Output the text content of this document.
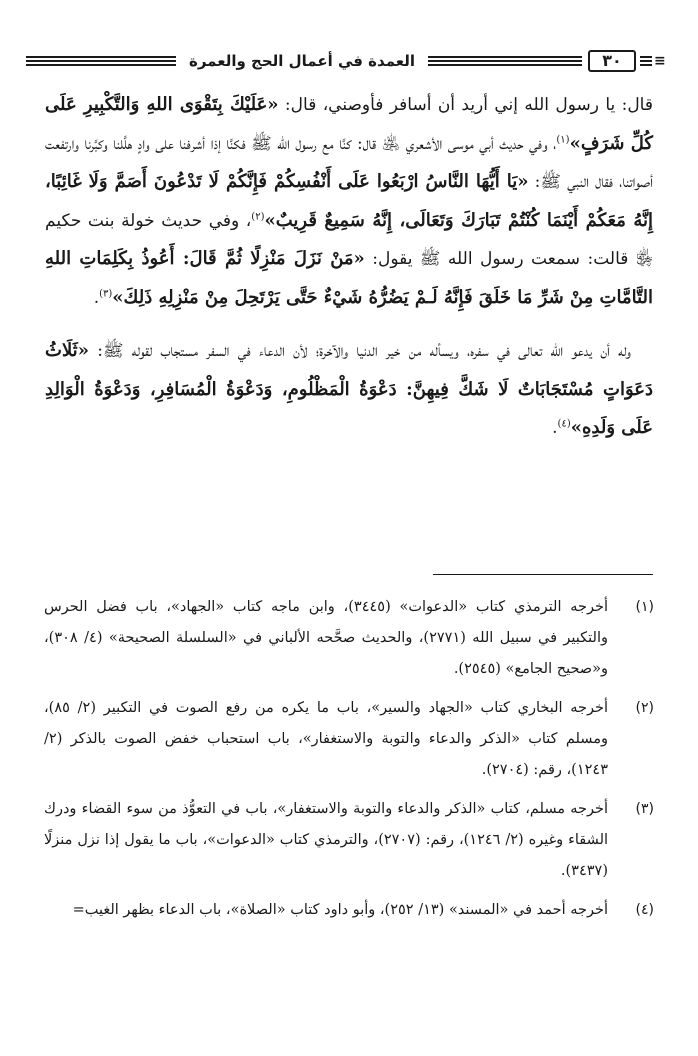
العمدة في أعمال الحج والعمرة	٣٠	≡

قال: يا رسول الله إني أريد أن أسافر فأوصني، قال: «عَلَيْكَ بِتَقْوَى اللهِ وَالتَّكْبِيرِ عَلَى كُلِّ شَرَفٍ»$^{(١)}$، وفي حديث أبي موسى الأشعري ﵁ قال: كنَّا مع رسول الله ﷺ فكنَّا إذا أشرفنا على وادٍ هلَّلنا وكبَّرنا وارتفعت أصواتنا، فقال النبي ﷺ: «يَا أَيُّهَا النَّاسُ ارْبَعُوا عَلَى أَنْفُسِكُمْ فَإِنَّكُمْ لَا تَدْعُونَ أَصَمَّ وَلَا غَائِبًا، إِنَّهُ مَعَكُمْ أَيْنَمَا كُنْتُمْ تَبَارَكَ وَتَعَالَى، إِنَّهُ سَمِيعٌ قَرِيبٌ»$^{(٢)}$، وفي حديث خولة بنت حكيم ﵂ قالت: سمعت رسول الله ﷺ يقول: «مَنْ نَزَلَ مَنْزِلًا ثُمَّ قَالَ: أَعُوذُ بِكَلِمَاتِ اللهِ التَّامَّاتِ مِنْ شَرِّ مَا خَلَقَ فَإِنَّهُ لَـمْ يَضُرُّهُ شَيْءٌ حَتَّى يَرْتَحِلَ مِنْ مَنْزِلِهِ ذَلِكَ»$^{(٣)}$.

وله أن يدعو الله تعالى في سفره، ويسأله من خير الدنيا والآخرة؛ لأن الدعاء في السفر مستجاب لقوله ﷺ: «ثَلَاثُ دَعَوَاتٍ مُسْتَجَابَاتٌ لَا شَكَّ فِيهِنَّ: دَعْوَةُ الْمَظْلُومِ، وَدَعْوَةُ الْمُسَافِرِ، وَدَعْوَةُ الْوَالِدِ عَلَى وَلَدِهِ»$^{(٤)}$.

(١)
أخرجه الترمذي كتاب «الدعوات» (٣٤٤٥)، وابن ماجه كتاب «الجهاد»، باب فضل الحرس والتكبير في سبيل الله (٢٧٧١)، والحديث صحَّحه الألباني في «السلسلة الصحيحة» (٤/ ٣٠٨)، و«صحيح الجامع» (٢٥٤٥).
(٢)
أخرجه البخاري كتاب «الجهاد والسير»، باب ما يكره من رفع الصوت في التكبير (٢/ ٨٥)، ومسلم كتاب «الذكر والدعاء والتوبة والاستغفار»، باب استحباب خفض الصوت بالذكر (٢/ ١٢٤٣)، رقم: (٢٧٠٤).
(٣)
أخرجه مسلم، كتاب «الذكر والدعاء والتوبة والاستغفار»، باب في التعوُّذ من سوء القضاء ودرك الشقاء وغيره (٢/ ١٢٤٦)، رقم: (٢٧٠٧)، والترمذي كتاب «الدعوات»، باب ما يقول إذا نزل منزلًا (٣٤٣٧).
(٤)
أخرجه أحمد في «المسند» (١٣/ ٢٥٢)، وأبو داود كتاب «الصلاة»، باب الدعاء بظهر الغيب=
